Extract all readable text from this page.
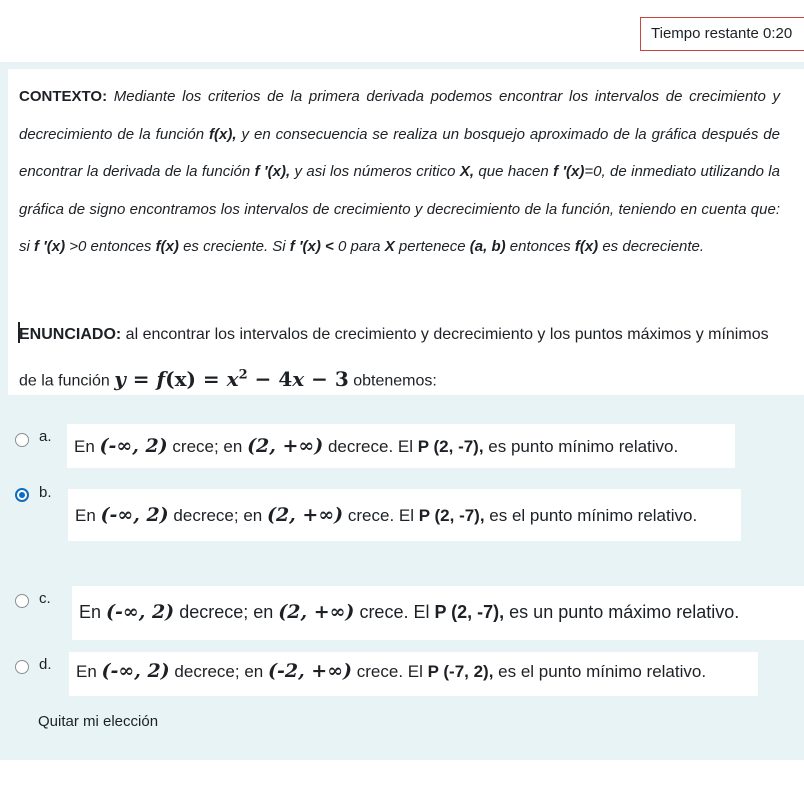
Tiempo restante 0:20

CONTEXTO: Mediante los criterios de la primera derivada podemos encontrar los intervalos de crecimiento y decrecimiento de la función f(x), y en consecuencia se realiza un bosquejo aproximado de la gráfica después de encontrar la derivada de la función f ′(x), y asi los números critico X, que hacen f ′(x)=0, de inmediato utilizando la gráfica de signo encontramos los intervalos de crecimiento y decrecimiento de la función, teniendo en cuenta que: si f ′(x) >0 entonces f(x) es creciente. Si f ′(x) < 0 para X pertenece (a, b) entonces f(x) es decreciente.

ENUNCIADO: al encontrar los intervalos de crecimiento y decrecimiento y los puntos máximos y mínimos de la función $y = f(x) = x^2 - 4x - 3$ obtenemos:

a.
En (-∞, 2) crece; en (2, +∞) decrece. El P (2, -7), es punto mínimo relativo.
b.
En (-∞, 2) decrece; en (2, +∞) crece. El P (2, -7), es el punto mínimo relativo.
c.
En (-∞, 2) decrece; en (2, +∞) crece. El P (2, -7), es un punto máximo relativo.
d.	En (-∞, 2) decrece; en (-2, +∞) crece. El P (-7, 2), es el punto mínimo relativo.
Quitar mi elección
